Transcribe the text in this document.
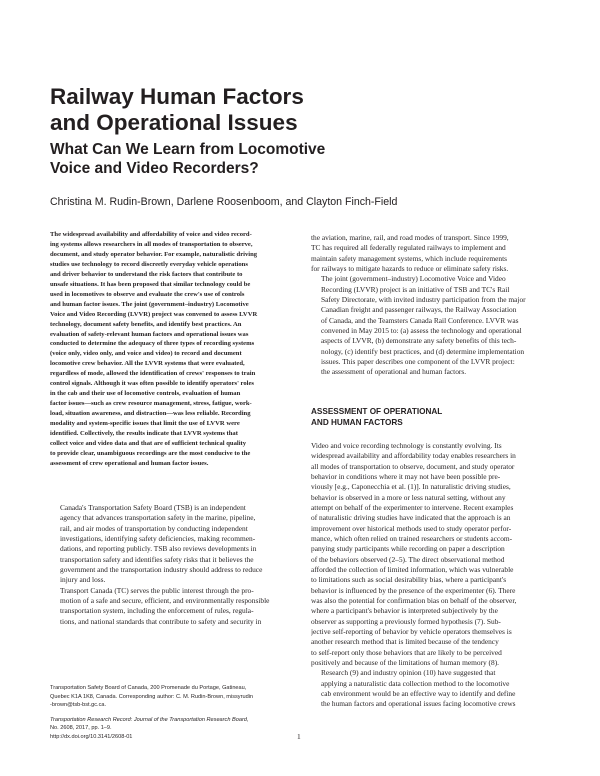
Railway Human Factors
and Operational Issues
What Can We Learn from Locomotive
Voice and Video Recorders?

Christina M. Rudin-Brown, Darlene Roosenboom, and Clayton Finch-Field

The widespread availability and affordability of voice and video record-
ing systems allows researchers in all modes of transportation to observe,
document, and study operator behavior. For example, naturalistic driving
studies use technology to record discreetly everyday vehicle operations
and driver behavior to understand the risk factors that contribute to
unsafe situations. It has been proposed that similar technology could be
used in locomotives to observe and evaluate the crew's use of controls
and human factor issues. The joint (government–industry) Locomotive
Voice and Video Recording (LVVR) project was convened to assess LVVR
technology, document safety benefits, and identify best practices. An
evaluation of safety-relevant human factors and operational issues was
conducted to determine the adequacy of three types of recording systems
(voice only, video only, and voice and video) to record and document
locomotive crew behavior. All the LVVR systems that were evaluated,
regardless of mode, allowed the identification of crews' responses to train
control signals. Although it was often possible to identify operators' roles
in the cab and their use of locomotive controls, evaluation of human
factor issues—such as crew resource management, stress, fatigue, work-
load, situation awareness, and distraction—was less reliable. Recording
modality and system-specific issues that limit the use of LVVR were
identified. Collectively, the results indicate that LVVR systems that
collect voice and video data and that are of sufficient technical quality
to provide clear, unambiguous recordings are the most conducive to the
assessment of crew operational and human factor issues.

Canada's Transportation Safety Board (TSB) is an independent
agency that advances transportation safety in the marine, pipeline,
rail, and air modes of transportation by conducting independent
investigations, identifying safety deficiencies, making recommen-
dations, and reporting publicly. TSB also reviews developments in
transportation safety and identifies safety risks that it believes the
government and the transportation industry should address to reduce
injury and loss.

Transport Canada (TC) serves the public interest through the pro-
motion of a safe and secure, efficient, and environmentally responsible
transportation system, including the enforcement of rules, regula-
tions, and national standards that contribute to safety and security in

Transportation Safety Board of Canada, 200 Promenade du Portage, Gatineau,
Quebec K1A 1K8, Canada. Corresponding author: C. M. Rudin-Brown, missyrudin
-brown@tsb-bst.gc.ca.

Transportation Research Record: Journal of the Transportation Research Board,
No. 2608, 2017, pp. 1–9.
http://dx.doi.org/10.3141/2608-01

the aviation, marine, rail, and road modes of transport. Since 1999,
TC has required all federally regulated railways to implement and
maintain safety management systems, which include requirements
for railways to mitigate hazards to reduce or eliminate safety risks.

The joint (government–industry) Locomotive Voice and Video
Recording (LVVR) project is an initiative of TSB and TC's Rail
Safety Directorate, with invited industry participation from the major
Canadian freight and passenger railways, the Railway Association
of Canada, and the Teamsters Canada Rail Conference. LVVR was
convened in May 2015 to: (a) assess the technology and operational
aspects of LVVR, (b) demonstrate any safety benefits of this tech-
nology, (c) identify best practices, and (d) determine implementation
issues. This paper describes one component of the LVVR project:
the assessment of operational and human factors.

ASSESSMENT OF OPERATIONAL
AND HUMAN FACTORS

Video and voice recording technology is constantly evolving. Its
widespread availability and affordability today enables researchers in
all modes of transportation to observe, document, and study operator
behavior in conditions where it may not have been possible pre-
viously [e.g., Caponecchia et al. (1)]. In naturalistic driving studies,
behavior is observed in a more or less natural setting, without any
attempt on behalf of the experimenter to intervene. Recent examples
of naturalistic driving studies have indicated that the approach is an
improvement over historical methods used to study operator perfor-
mance, which often relied on trained researchers or students accom-
panying study participants while recording on paper a description
of the behaviors observed (2–5). The direct observational method
afforded the collection of limited information, which was vulnerable
to limitations such as social desirability bias, where a participant's
behavior is influenced by the presence of the experimenter (6). There
was also the potential for confirmation bias on behalf of the observer,
where a participant's behavior is interpreted subjectively by the
observer as supporting a previously formed hypothesis (7). Sub-
jective self-reporting of behavior by vehicle operators themselves is
another research method that is limited because of the tendency
to self-report only those behaviors that are likely to be perceived
positively and because of the limitations of human memory (8).

Research (9) and industry opinion (10) have suggested that
applying a naturalistic data collection method to the locomotive
cab environment would be an effective way to identify and define
the human factors and operational issues facing locomotive crews

1
